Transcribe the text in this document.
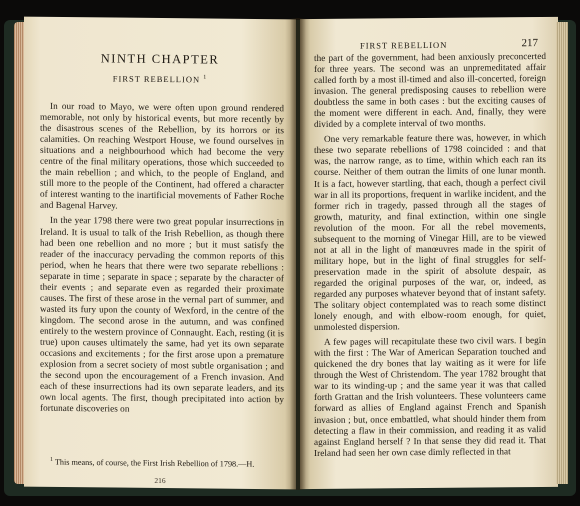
NINTH CHAPTER
FIRST REBELLION $^1$

In our road to Mayo, we were often upon ground rendered memorable, not only by historical events, but more recently by the disastrous scenes of the Rebellion, by its horrors or its calamities. On reaching Westport House, we found ourselves in situations and a neighbourhood which had become the very centre of the final military operations, those which succeeded to the main rebellion ; and which, to the people of England, and still more to the people of the Continent, had offered a character of interest wanting to the inartificial movements of Father Roche and Bagenal Harvey.

In the year 1798 there were two great popular insurrections in Ireland. It is usual to talk of the Irish Rebellion, as though there had been one rebellion and no more ; but it must satisfy the reader of the inaccuracy pervading the common reports of this period, when he hears that there were two separate rebellions : separate in time ; separate in space ; separate by the character of their events ; and separate even as regarded their proximate causes. The first of these arose in the vernal part of summer, and wasted its fury upon the county of Wexford, in the centre of the kingdom. The second arose in the autumn, and was confined entirely to the western province of Connaught. Each, resting (it is true) upon causes ultimately the same, had yet its own separate occasions and excitements ; for the first arose upon a premature explosion from a secret society of most subtle organisation ; and the second upon the encouragement of a French invasion. And each of these insurrections had its own separate leaders, and its own local agents. The first, though precipitated into action by fortunate discoveries on

$^1$ This means, of course, the First Irish Rebellion of 1798.—H.
216
FIRST REBELLION	217

the part of the government, had been anxiously preconcerted for three years. The second was an unpremeditated affair called forth by a most ill-timed and also ill-concerted, foreign invasion. The general predisposing causes to rebellion were doubtless the same in both cases : but the exciting causes of the moment were different in each. And, finally, they were divided by a complete interval of two months.

One very remarkable feature there was, however, in which these two separate rebellions of 1798 coincided : and that was, the narrow range, as to time, within which each ran its course. Neither of them outran the limits of one lunar month. It is a fact, however startling, that each, though a perfect civil war in all its proportions, frequent in warlike incident, and the former rich in tragedy, passed through all the stages of growth, maturity, and final extinction, within one single revolution of the moon. For all the rebel movements, subsequent to the morning of Vinegar Hill, are to be viewed not at all in the light of manœuvres made in the spirit of military hope, but in the light of final struggles for self-preservation made in the spirit of absolute despair, as regarded the original purposes of the war, or, indeed, as regarded any purposes whatever beyond that of instant safety. The solitary object contemplated was to reach some distinct lonely enough, and with elbow-room enough, for quiet, unmolested dispersion.

A few pages will recapitulate these two civil wars. I begin with the first : The War of American Separation touched and quickened the dry bones that lay waiting as it were for life through the West of Christendom. The year 1782 brought that war to its winding-up ; and the same year it was that called forth Grattan and the Irish volunteers. These volunteers came forward as allies of England against French and Spanish invasion ; but, once embattled, what should hinder them from detecting a flaw in their commission, and reading it as valid against England herself ? In that sense they did read it. That Ireland had seen her own case dimly reflected in that
